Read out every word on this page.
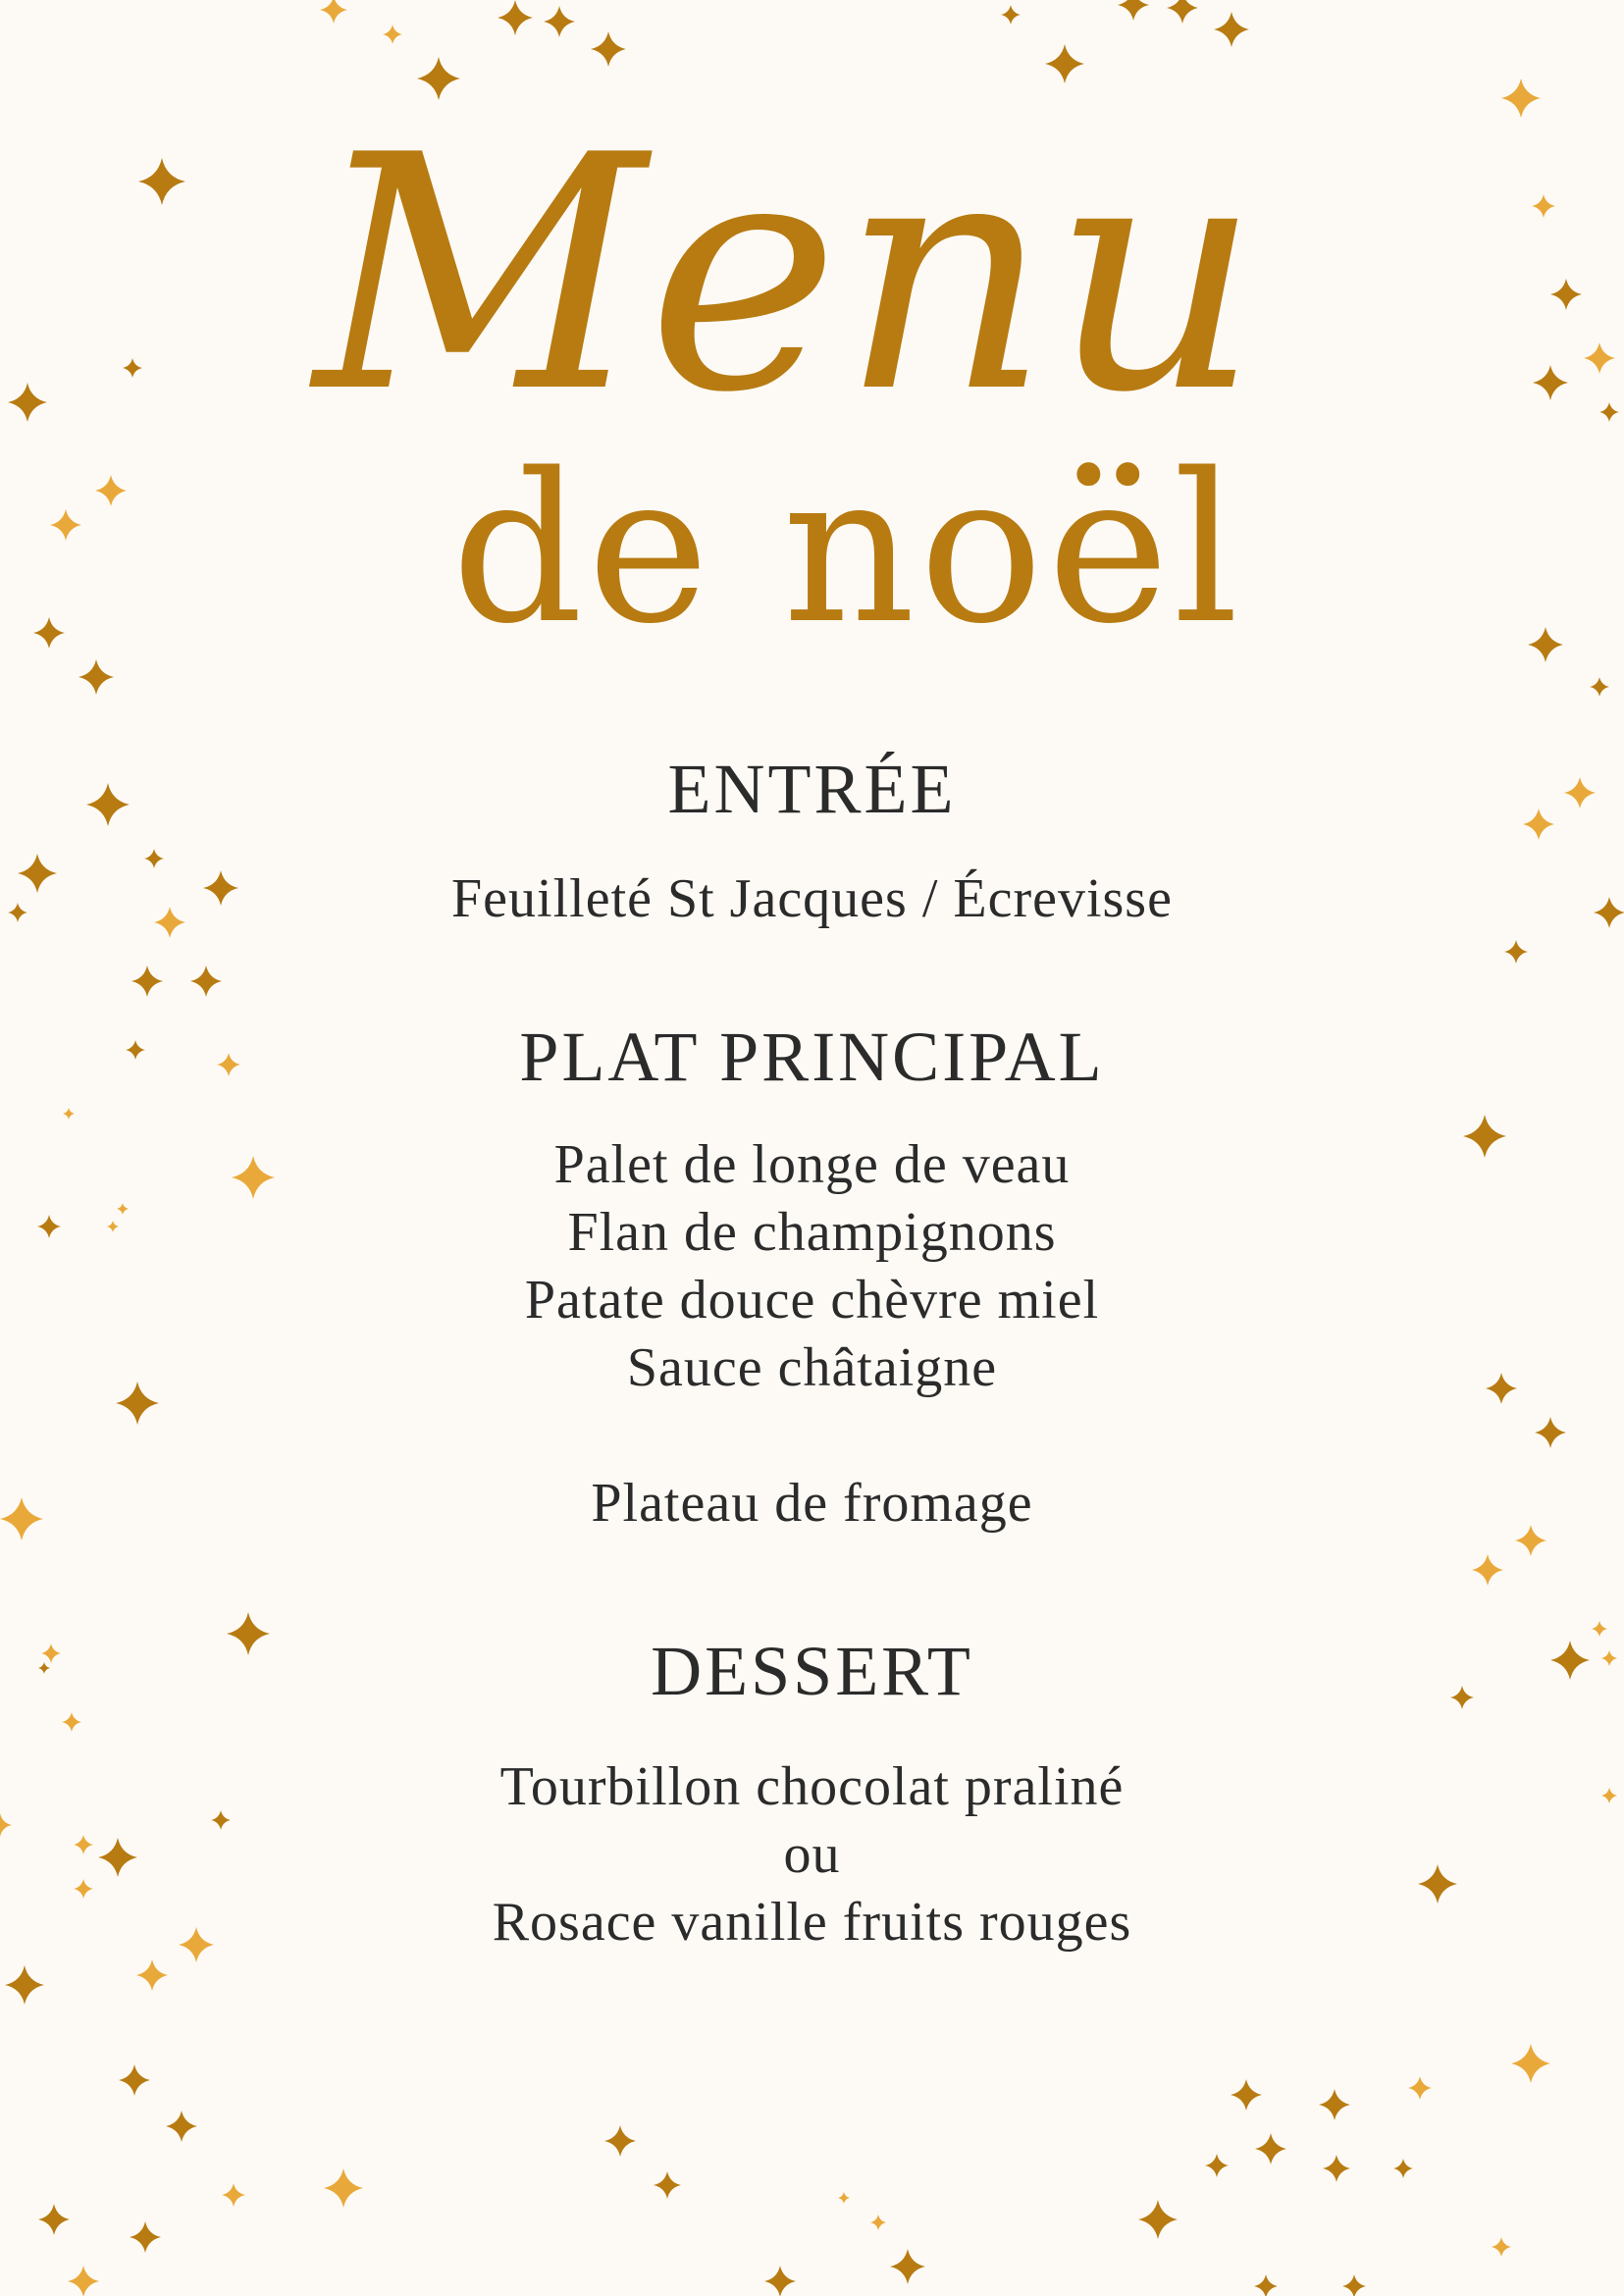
Menu
de noël

ENTRÉE

Feuilleté St Jacques / Écrevisse

PLAT PRINCIPAL

Palet de longe de veau

Flan de champignons

Patate douce chèvre miel

Sauce châtaigne

Plateau de fromage

DESSERT

Tourbillon chocolat praliné

ou

Rosace vanille fruits rouges
